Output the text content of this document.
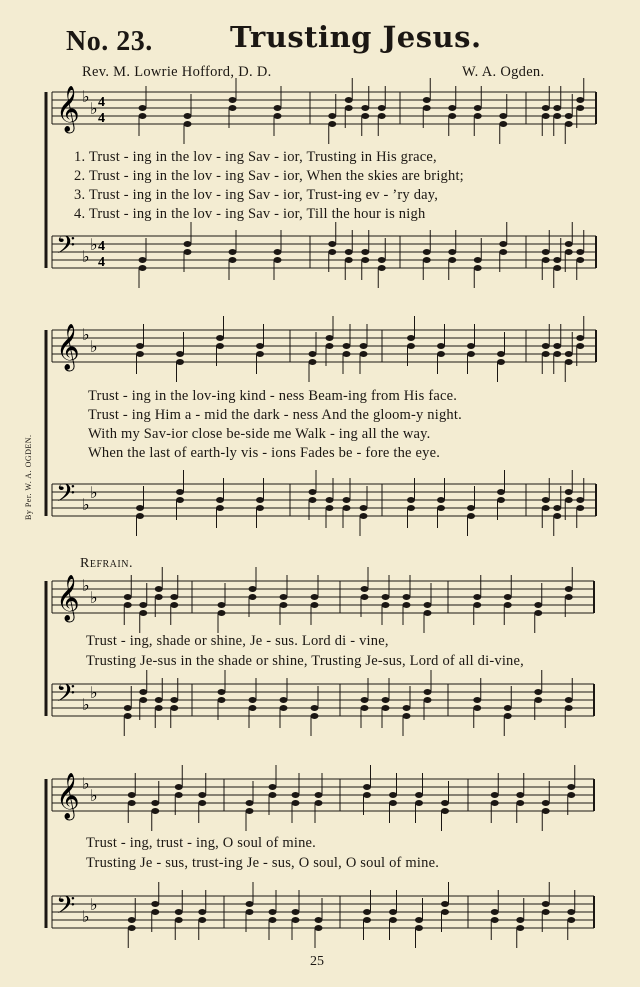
No. 23.	Trusting Jesus.
Rev. M. Lowrie Hofford, D. D.	W. A. Ogden.
By Per. W. A. OGDEN.
𝄞 ♭
♭ 4
4
𝄢 ♭
♭ 4
4
𝄞 ♭
♭
𝄢 ♭
♭
𝄞 ♭
♭
𝄢 ♭
♭
𝄞 ♭
♭
𝄢 ♭
♭
1. Trust - ing in the lov - ing Sav - ior, Trusting in His grace,
2. Trust - ing in the lov - ing Sav - ior, When the skies are bright;
3. Trust - ing in the lov - ing Sav - ior, Trust-ing ev - ’ry day,
4. Trust - ing in the lov - ing Sav - ior, Till the hour is nigh
Trust - ing in the lov-ing kind - ness Beam-ing from His face.
Trust - ing Him a - mid the dark - ness And the gloom-y night.
With my Sav-ior close be-side me Walk - ing all the way.
When the last of earth-ly vis - ions Fades be - fore the eye.
Refrain.
Trust - ing, shade or shine, Je - sus. Lord di - vine,
Trusting Je-sus in the shade or shine, Trusting Je-sus, Lord of all di-vine,
Trust - ing, trust - ing, O soul of mine.
Trusting Je - sus, trust-ing Je - sus, O soul, O soul of mine.
25
